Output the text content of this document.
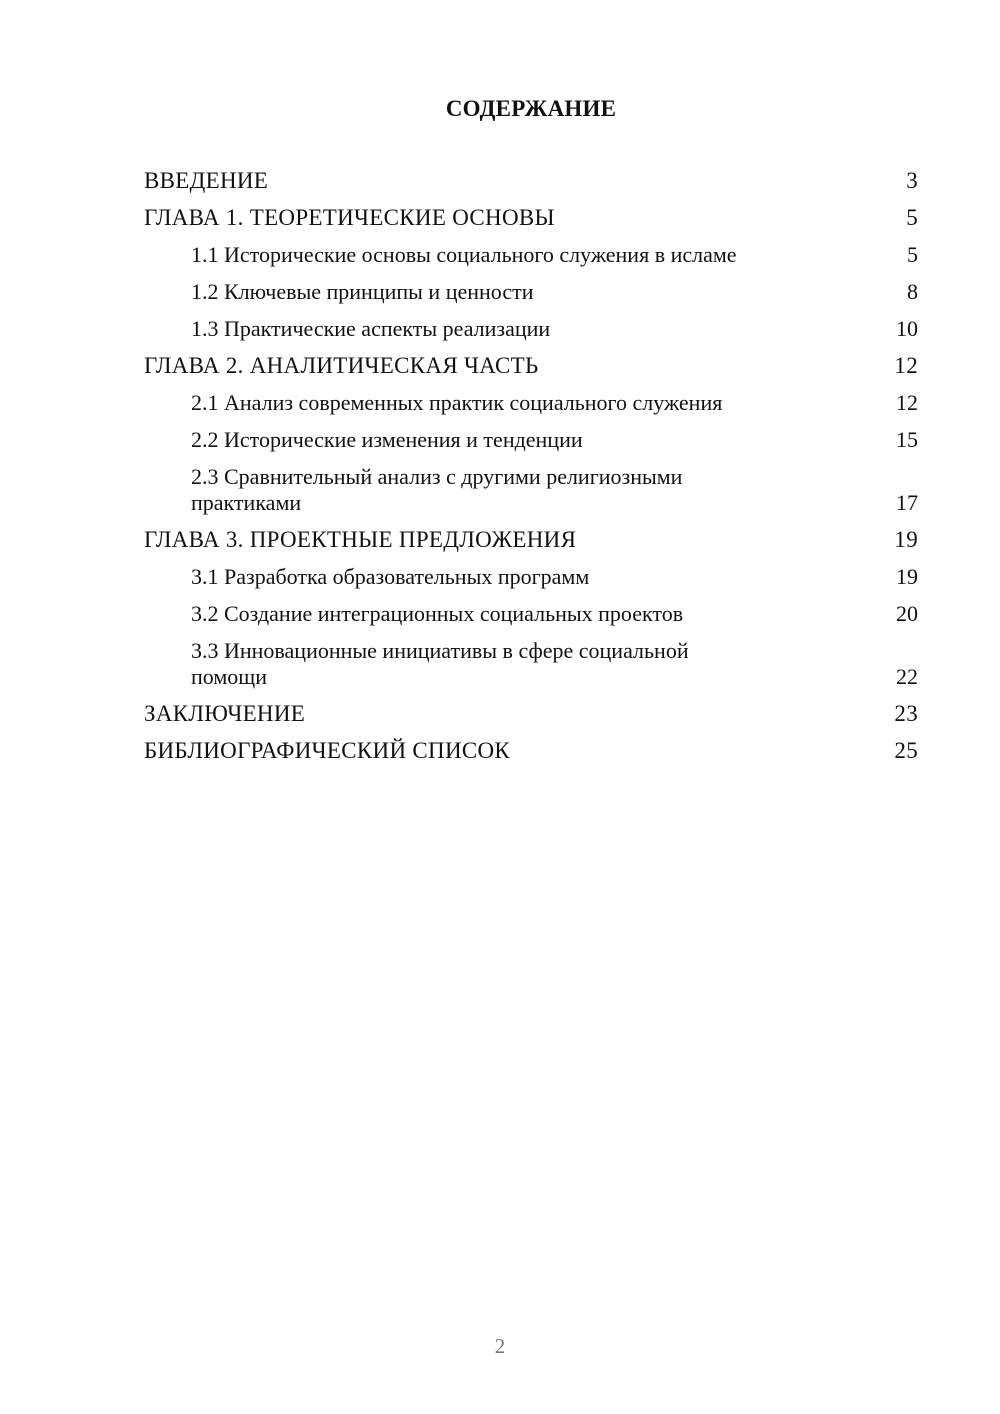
СОДЕРЖАНИЕ
ВВЕДЕНИЕ	3
ГЛАВА 1. ТЕОРЕТИЧЕСКИЕ ОСНОВЫ	5
1.1 Исторические основы социального служения в исламе	5
1.2 Ключевые принципы и ценности	8
1.3 Практические аспекты реализации	10
ГЛАВА 2. АНАЛИТИЧЕСКАЯ ЧАСТЬ	12
2.1 Анализ современных практик социального служения	12
2.2 Исторические изменения и тенденции	15
2.3 Сравнительный анализ с другими религиозными практиками	17
ГЛАВА 3. ПРОЕКТНЫЕ ПРЕДЛОЖЕНИЯ	19
3.1 Разработка образовательных программ	19
3.2 Создание интеграционных социальных проектов	20
3.3 Инновационные инициативы в сфере социальной помощи	22
ЗАКЛЮЧЕНИЕ	23
БИБЛИОГРАФИЧЕСКИЙ СПИСОК	25
2
